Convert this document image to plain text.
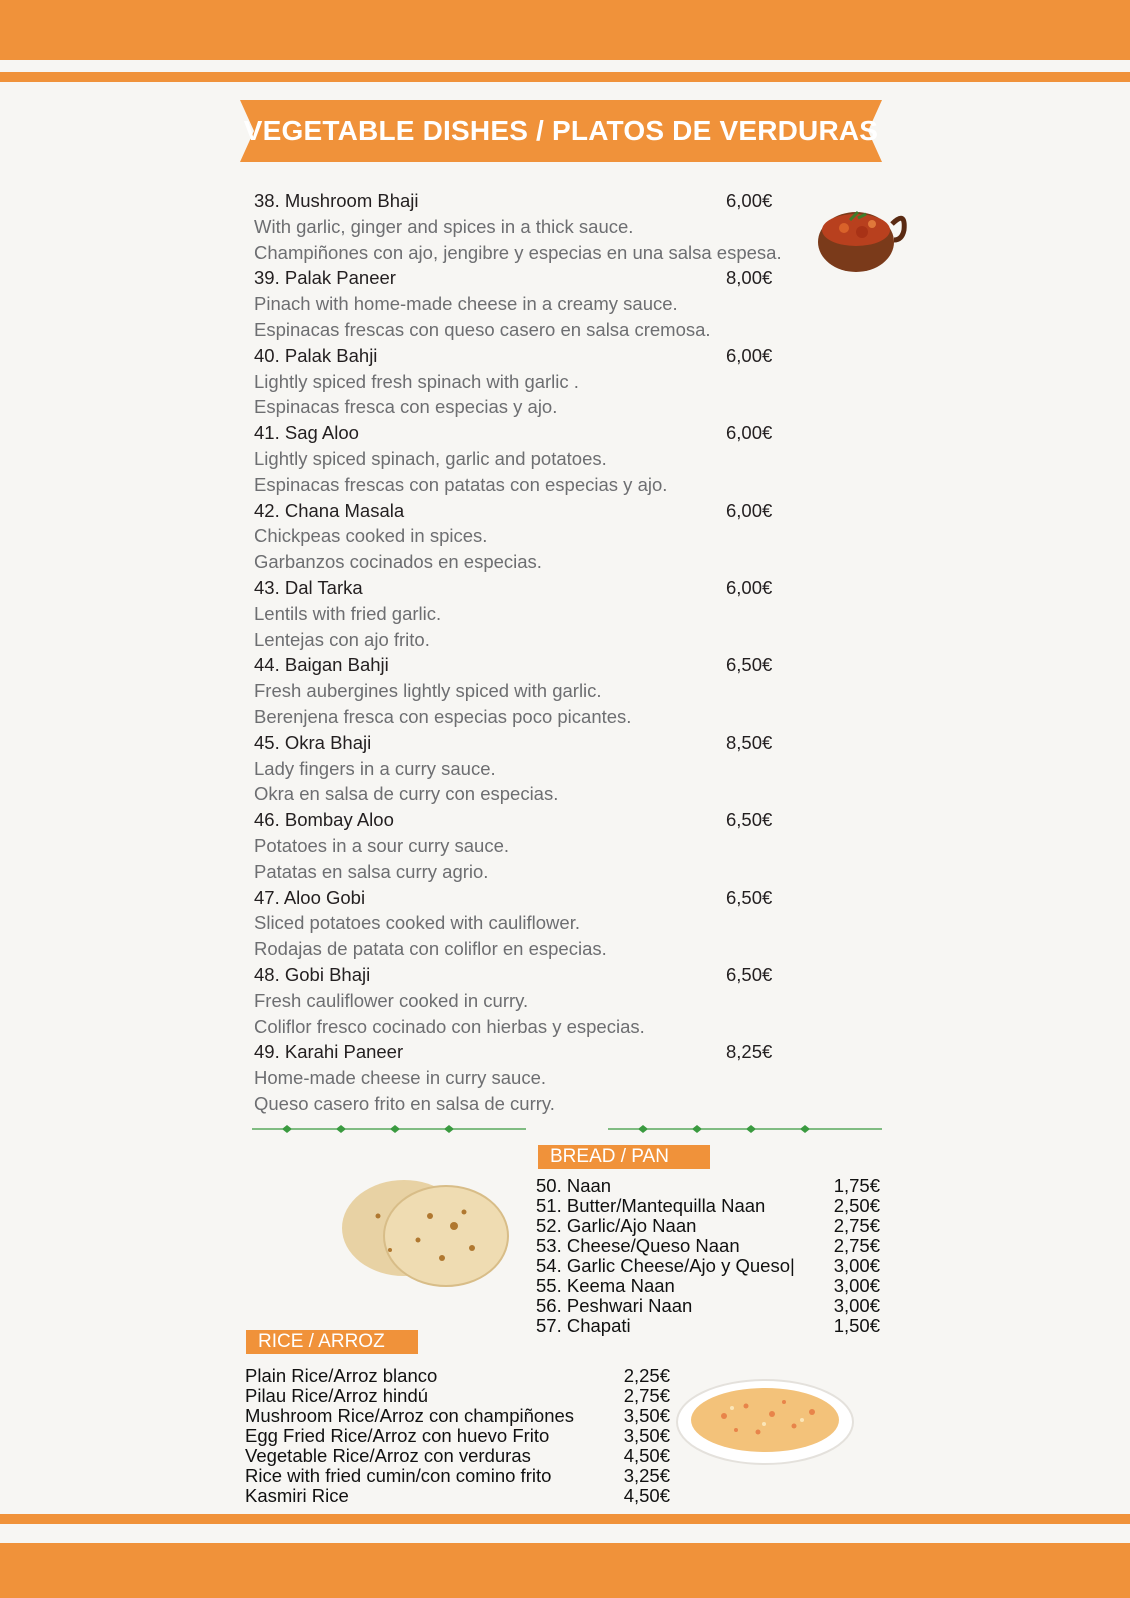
VEGETABLE DISHES / PLATOS DE VERDURAS
38. Mushroom Bhaji	6,00€
With garlic, ginger and spices in a thick sauce.
Champiñones con ajo, jengibre y especias en una salsa espesa.
39. Palak Paneer	8,00€
Pinach with home-made cheese in a creamy sauce.
Espinacas frescas con queso casero en salsa cremosa.
40. Palak Bahji	6,00€
Lightly spiced fresh spinach with garlic .
Espinacas fresca con especias y ajo.
41. Sag Aloo	6,00€
Lightly spiced spinach, garlic and potatoes.
Espinacas frescas con patatas con especias y ajo.
42. Chana Masala	6,00€
Chickpeas cooked in spices.
Garbanzos cocinados en especias.
43. Dal Tarka	6,00€
Lentils with fried garlic.
Lentejas con ajo frito.
44. Baigan Bahji	6,50€
Fresh aubergines lightly spiced with garlic.
Berenjena fresca con especias poco picantes.
45. Okra Bhaji	8,50€
Lady fingers in a curry sauce.
Okra en salsa de curry con especias.
46. Bombay Aloo	6,50€
Potatoes in a sour curry sauce.
Patatas en salsa curry agrio.
47. Aloo Gobi	6,50€
Sliced potatoes cooked with cauliflower.
Rodajas de patata con coliflor en especias.
48. Gobi Bhaji	6,50€
Fresh cauliflower cooked in curry.
Coliflor fresco cocinado con hierbas y especias.
49. Karahi Paneer	8,25€
Home-made cheese in curry sauce.
Queso casero frito en salsa de curry.
BREAD / PAN
50. Naan	1,75€
51. Butter/Mantequilla Naan	2,50€
52. Garlic/Ajo Naan	2,75€
53. Cheese/Queso Naan	2,75€
54. Garlic Cheese/Ajo y Queso| 3,00€
55. Keema Naan	3,00€
56. Peshwari Naan	3,00€
57. Chapati	1,50€
RICE / ARROZ
Plain Rice/Arroz blanco	2,25€
Pilau Rice/Arroz hindú	2,75€
Mushroom Rice/Arroz con champiñones	3,50€
Egg Fried Rice/Arroz con huevo Frito	3,50€
Vegetable Rice/Arroz con verduras	4,50€
Rice with fried cumin/con comino frito	3,25€
Kasmiri Rice	4,50€
